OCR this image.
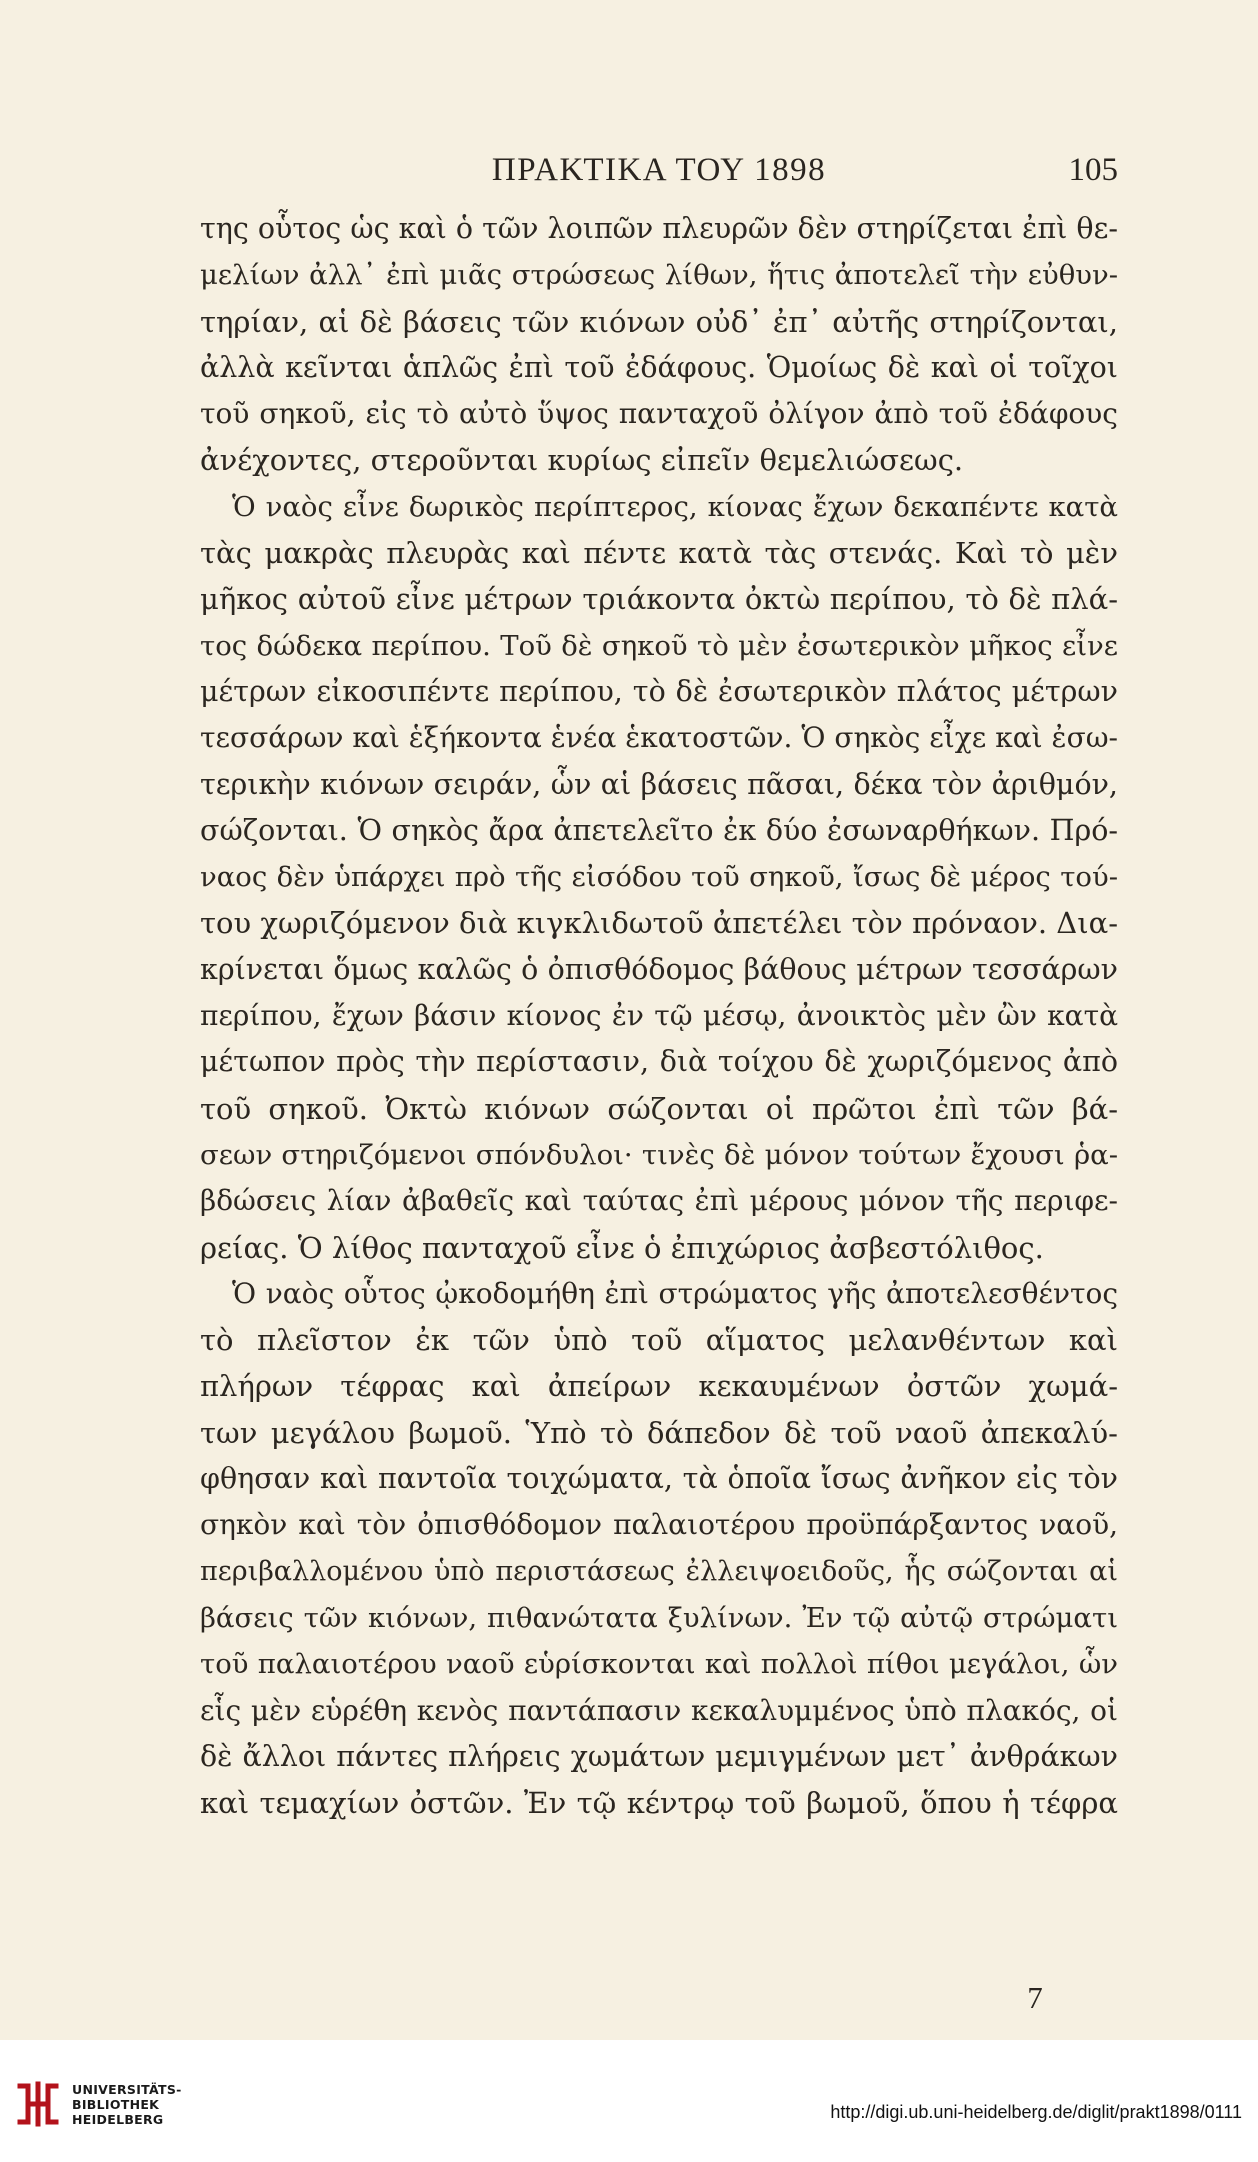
ΠΡΑΚΤΙΚΑ ΤΟΥ 1898	105
της οὗτος ὡς καὶ ὁ τῶν λοιπῶν πλευρῶν δὲν στηρίζεται ἐπὶ θε-
μελίων ἀλλ᾽ ἐπὶ μιᾶς στρώσεως λίθων, ἥτις ἀποτελεῖ τὴν εὐθυν-
τηρίαν, αἱ δὲ βάσεις τῶν κιόνων οὐδ᾽ ἐπ᾽ αὐτῆς στηρίζονται,
ἀλλὰ κεῖνται ἁπλῶς ἐπὶ τοῦ ἐδάφους. Ὁμοίως δὲ καὶ οἱ τοῖχοι
τοῦ σηκοῦ, εἰς τὸ αὐτὸ ὕψος πανταχοῦ ὀλίγον ἀπὸ τοῦ ἐδάφους
ἀνέχοντες, στεροῦνται κυρίως εἰπεῖν θεμελιώσεως.
Ὁ ναὸς εἶνε δωρικὸς περίπτερος, κίονας ἔχων δεκαπέντε κατὰ
τὰς μακρὰς πλευρὰς καὶ πέντε κατὰ τὰς στενάς. Καὶ τὸ μὲν
μῆκος αὐτοῦ εἶνε μέτρων τριάκοντα ὀκτὼ περίπου, τὸ δὲ πλά-
τος δώδεκα περίπου. Τοῦ δὲ σηκοῦ τὸ μὲν ἐσωτερικὸν μῆκος εἶνε
μέτρων εἰκοσιπέντε περίπου, τὸ δὲ ἐσωτερικὸν πλάτος μέτρων
τεσσάρων καὶ ἑξήκοντα ἑνέα ἑκατοστῶν. Ὁ σηκὸς εἶχε καὶ ἐσω-
τερικὴν κιόνων σειράν, ὧν αἱ βάσεις πᾶσαι, δέκα τὸν ἀριθμόν,
σώζονται. Ὁ σηκὸς ἄρα ἀπετελεῖτο ἐκ δύο ἐσωναρθήκων. Πρό-
ναος δὲν ὑπάρχει πρὸ τῆς εἰσόδου τοῦ σηκοῦ, ἴσως δὲ μέρος τού-
του χωριζόμενον διὰ κιγκλιδωτοῦ ἀπετέλει τὸν πρόναον. Δια-
κρίνεται ὅμως καλῶς ὁ ὀπισθόδομος βάθους μέτρων τεσσάρων
περίπου, ἔχων βάσιν κίονος ἐν τῷ μέσῳ, ἀνοικτὸς μὲν ὢν κατὰ
μέτωπον πρὸς τὴν περίστασιν, διὰ τοίχου δὲ χωριζόμενος ἀπὸ
τοῦ σηκοῦ. Ὀκτὼ κιόνων σώζονται οἱ πρῶτοι ἐπὶ τῶν βά-
σεων στηριζόμενοι σπόνδυλοι· τινὲς δὲ μόνον τούτων ἔχουσι ῥα-
βδώσεις λίαν ἀβαθεῖς καὶ ταύτας ἐπὶ μέρους μόνον τῆς περιφε-
ρείας. Ὁ λίθος πανταχοῦ εἶνε ὁ ἐπιχώριος ἀσβεστόλιθος.
Ὁ ναὸς οὗτος ᾠκοδομήθη ἐπὶ στρώματος γῆς ἀποτελεσθέντος
τὸ πλεῖστον ἐκ τῶν ὑπὸ τοῦ αἵματος μελανθέντων καὶ
πλήρων τέφρας καὶ ἀπείρων κεκαυμένων ὀστῶν χωμά-
των μεγάλου βωμοῦ. Ὑπὸ τὸ δάπεδον δὲ τοῦ ναοῦ ἀπεκαλύ-
φθησαν καὶ παντοῖα τοιχώματα, τὰ ὁποῖα ἴσως ἀνῆκον εἰς τὸν
σηκὸν καὶ τὸν ὀπισθόδομον παλαιοτέρου προϋπάρξαντος ναοῦ,
περιβαλλομένου ὑπὸ περιστάσεως ἐλλειψοειδοῦς, ἧς σώζονται αἱ
βάσεις τῶν κιόνων, πιθανώτατα ξυλίνων. Ἐν τῷ αὐτῷ στρώματι
τοῦ παλαιοτέρου ναοῦ εὑρίσκονται καὶ πολλοὶ πίθοι μεγάλοι, ὧν
εἷς μὲν εὑρέθη κενὸς παντάπασιν κεκαλυμμένος ὑπὸ πλακός, οἱ
δὲ ἄλλοι πάντες πλήρεις χωμάτων μεμιγμένων μετ᾽ ἀνθράκων
καὶ τεμαχίων ὀστῶν. Ἐν τῷ κέντρῳ τοῦ βωμοῦ, ὅπου ἡ τέφρα
7
UNIVERSITÄTS-
BIBLIOTHEK
HEIDELBERG	http://digi.ub.uni-heidelberg.de/diglit/prakt1898/0111
